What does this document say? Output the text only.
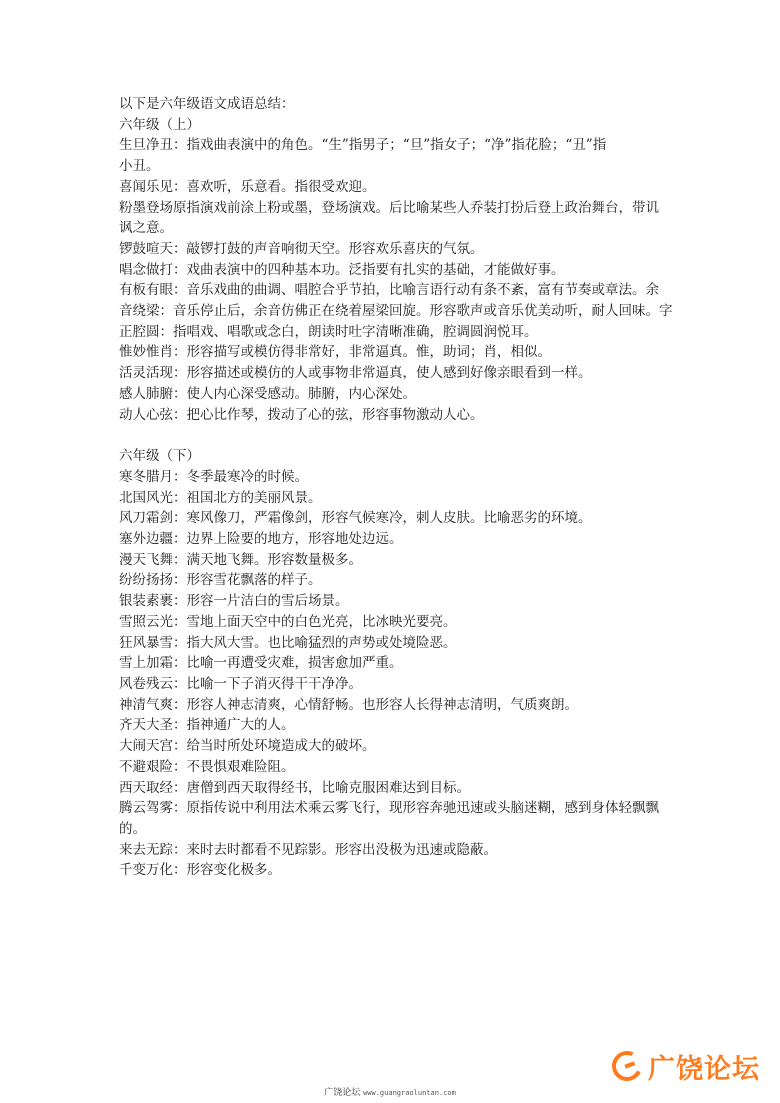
以下是六年级语文成语总结：

六年级（上）

生旦净丑：指戏曲表演中的角色。“生”指男子；“旦”指女子；“净”指花脸；“丑”指

小丑。

喜闻乐见：喜欢听，乐意看。指很受欢迎。

粉墨登场原指演戏前涂上粉或墨，登场演戏。后比喻某些人乔装打扮后登上政治舞台，带讥

讽之意。

锣鼓喧天：敲锣打鼓的声音响彻天空。形容欢乐喜庆的气氛。

唱念做打：戏曲表演中的四种基本功。泛指要有扎实的基础，才能做好事。

有板有眼：音乐戏曲的曲调、唱腔合乎节拍，比喻言语行动有条不紊，富有节奏或章法。余

音绕梁：音乐停止后，余音仿佛正在绕着屋梁回旋。形容歌声或音乐优美动听，耐人回味。字

正腔圆：指唱戏、唱歌或念白，朗读时吐字清晰准确，腔调圆润悦耳。

惟妙惟肖：形容描写或模仿得非常好，非常逼真。惟，助词；肖，相似。

活灵活现：形容描述或模仿的人或事物非常逼真，使人感到好像亲眼看到一样。

感人肺腑：使人内心深受感动。肺腑，内心深处。

动人心弦：把心比作琴，拨动了心的弦，形容事物激动人心。

六年级（下）

寒冬腊月：冬季最寒冷的时候。

北国风光：祖国北方的美丽风景。

风刀霜剑：寒风像刀，严霜像剑，形容气候寒冷，刺人皮肤。比喻恶劣的环境。

塞外边疆：边界上险要的地方，形容地处边远。

漫天飞舞：满天地飞舞。形容数量极多。

纷纷扬扬：形容雪花飘落的样子。

银装素裹：形容一片洁白的雪后场景。

雪照云光：雪地上面天空中的白色光亮，比冰映光要亮。

狂风暴雪：指大风大雪。也比喻猛烈的声势或处境险恶。

雪上加霜：比喻一再遭受灾难，损害愈加严重。

风卷残云：比喻一下子消灭得干干净净。

神清气爽：形容人神志清爽，心情舒畅。也形容人长得神志清明，气质爽朗。

齐天大圣：指神通广大的人。

大闹天宫：给当时所处环境造成大的破坏。

不避艰险：不畏惧艰难险阻。

西天取经：唐僧到西天取得经书，比喻克服困难达到目标。

腾云驾雾：原指传说中利用法术乘云雾飞行，现形容奔驰迅速或头脑迷糊，感到身体轻飘飘

的。

来去无踪：来时去时都看不见踪影。形容出没极为迅速或隐蔽。

千变万化：形容变化极多。

广饶论坛
广饶论坛 www.guangraoluntan.com
